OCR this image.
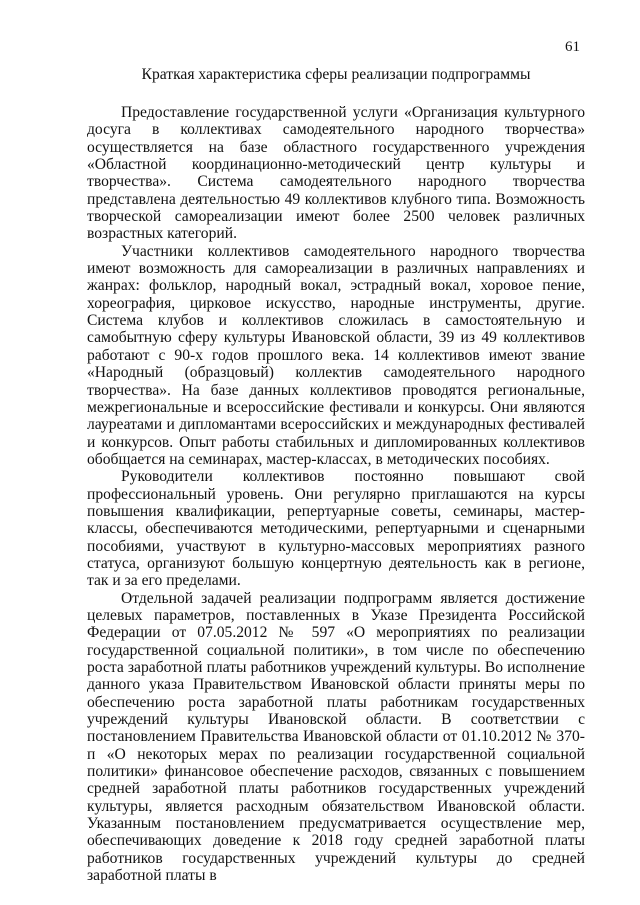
61
Краткая характеристика сферы реализации подпрограммы

Предоставление государственной услуги «Организация культурного досуга в коллективах самодеятельного народного творчества» осуществляется на базе областного государственного учреждения «Областной координационно-методический центр культуры и творчества». Система самодеятельного народного творчества представлена деятельностью 49 коллективов клубного типа. Возможность творческой самореализации имеют более 2500 человек различных возрастных категорий.

Участники коллективов самодеятельного народного творчества имеют возможность для самореализации в различных направлениях и жанрах: фольклор, народный вокал, эстрадный вокал, хоровое пение, хореография, цирковое искусство, народные инструменты, другие. Система клубов и коллективов сложилась в самостоятельную и самобытную сферу культуры Ивановской области, 39 из 49 коллективов работают с 90-х годов прошлого века. 14 коллективов имеют звание «Народный (образцовый) коллектив самодеятельного народного творчества». На базе данных коллективов проводятся региональные, межрегиональные и всероссийские фестивали и конкурсы. Они являются лауреатами и дипломантами всероссийских и международных фестивалей и конкурсов. Опыт работы стабильных и дипломированных коллективов обобщается на семинарах, мастер-классах, в методических пособиях.

Руководители коллективов постоянно повышают свой профессиональный уровень. Они регулярно приглашаются на курсы повышения квалификации, репертуарные советы, семинары, мастер-классы, обеспечиваются методическими, репертуарными и сценарными пособиями, участвуют в культурно-массовых мероприятиях разного статуса, организуют большую концертную деятельность как в регионе, так и за его пределами.

Отдельной задачей реализации подпрограмм является достижение целевых параметров, поставленных в Указе Президента Российской Федерации от 07.05.2012 № 597 «О мероприятиях по реализации государственной социальной политики», в том числе по обеспечению роста заработной платы работников учреждений культуры. Во исполнение данного указа Правительством Ивановской области приняты меры по обеспечению роста заработной платы работникам государственных учреждений культуры Ивановской области. В соответствии с постановлением Правительства Ивановской области от 01.10.2012 № 370-п «О некоторых мерах по реализации государственной социальной политики» финансовое обеспечение расходов, связанных с повышением средней заработной платы работников государственных учреждений культуры, является расходным обязательством Ивановской области. Указанным постановлением предусматривается осуществление мер, обеспечивающих доведение к 2018 году средней заработной платы работников государственных учреждений культуры до средней заработной платы в
